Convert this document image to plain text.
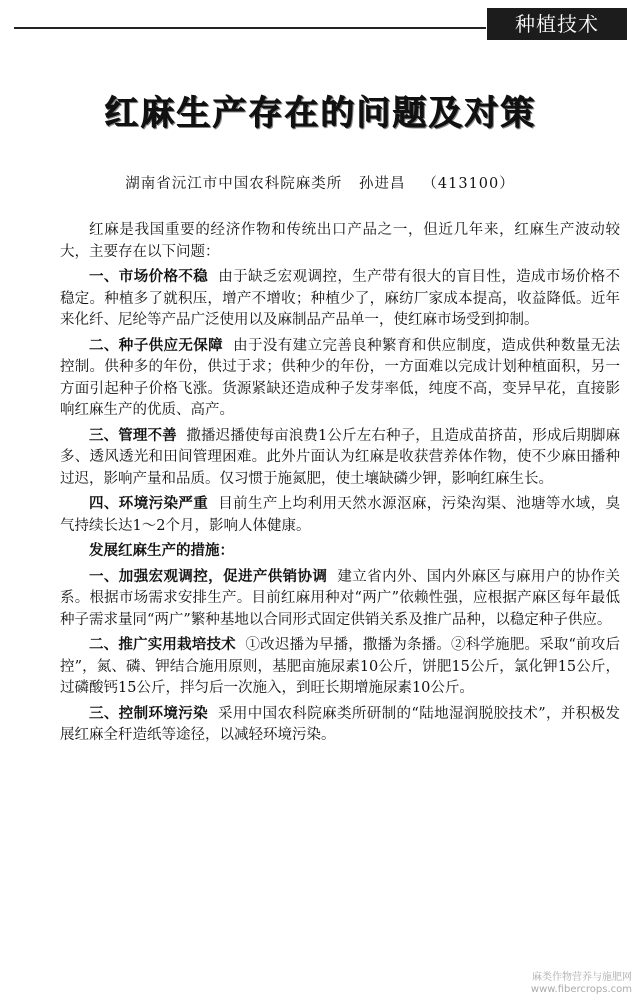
种植技术
红麻生产存在的问题及对策
湖南省沅江市中国农科院麻类所   孙进昌   （413100）

红麻是我国重要的经济作物和传统出口产品之一，但近几年来，红麻生产波动较大，主要存在以下问题：

一、市场价格不稳 由于缺乏宏观调控，生产带有很大的盲目性，造成市场价格不稳定。种植多了就积压，增产不增收；种植少了，麻纺厂家成本提高，收益降低。近年来化纤、尼纶等产品广泛使用以及麻制品产品单一，使红麻市场受到抑制。

二、种子供应无保障 由于没有建立完善良种繁育和供应制度，造成供种数量无法控制。供种多的年份，供过于求；供种少的年份，一方面难以完成计划种植面积，另一方面引起种子价格飞涨。货源紧缺还造成种子发芽率低，纯度不高，变异早花，直接影响红麻生产的优质、高产。

三、管理不善 撒播迟播使每亩浪费1公斤左右种子，且造成苗挤苗，形成后期脚麻多、透风透光和田间管理困难。此外片面认为红麻是收获营养体作物，使不少麻田播种过迟，影响产量和品质。仅习惯于施氮肥，使土壤缺磷少钾，影响红麻生长。

四、环境污染严重 目前生产上均利用天然水源沤麻，污染沟渠、池塘等水域，臭气持续长达1～2个月，影响人体健康。

发展红麻生产的措施：

一、加强宏观调控，促进产供销协调 建立省内外、国内外麻区与麻用户的协作关系。根据市场需求安排生产。目前红麻用种对“两广”依赖性强，应根据产麻区每年最低种子需求量同“两广”繁种基地以合同形式固定供销关系及推广品种，以稳定种子供应。

二、推广实用栽培技术 ①改迟播为早播，撒播为条播。②科学施肥。采取“前攻后控”，氮、磷、钾结合施用原则，基肥亩施尿素10公斤，饼肥15公斤，氯化钾15公斤，过磷酸钙15公斤，拌匀后一次施入，到旺长期增施尿素10公斤。

三、控制环境污染 采用中国农科院麻类所研制的“陆地湿润脱胶技术”，并积极发展红麻全秆造纸等途径，以减轻环境污染。

麻类作物营养与施肥网
www.fibercrops.com
